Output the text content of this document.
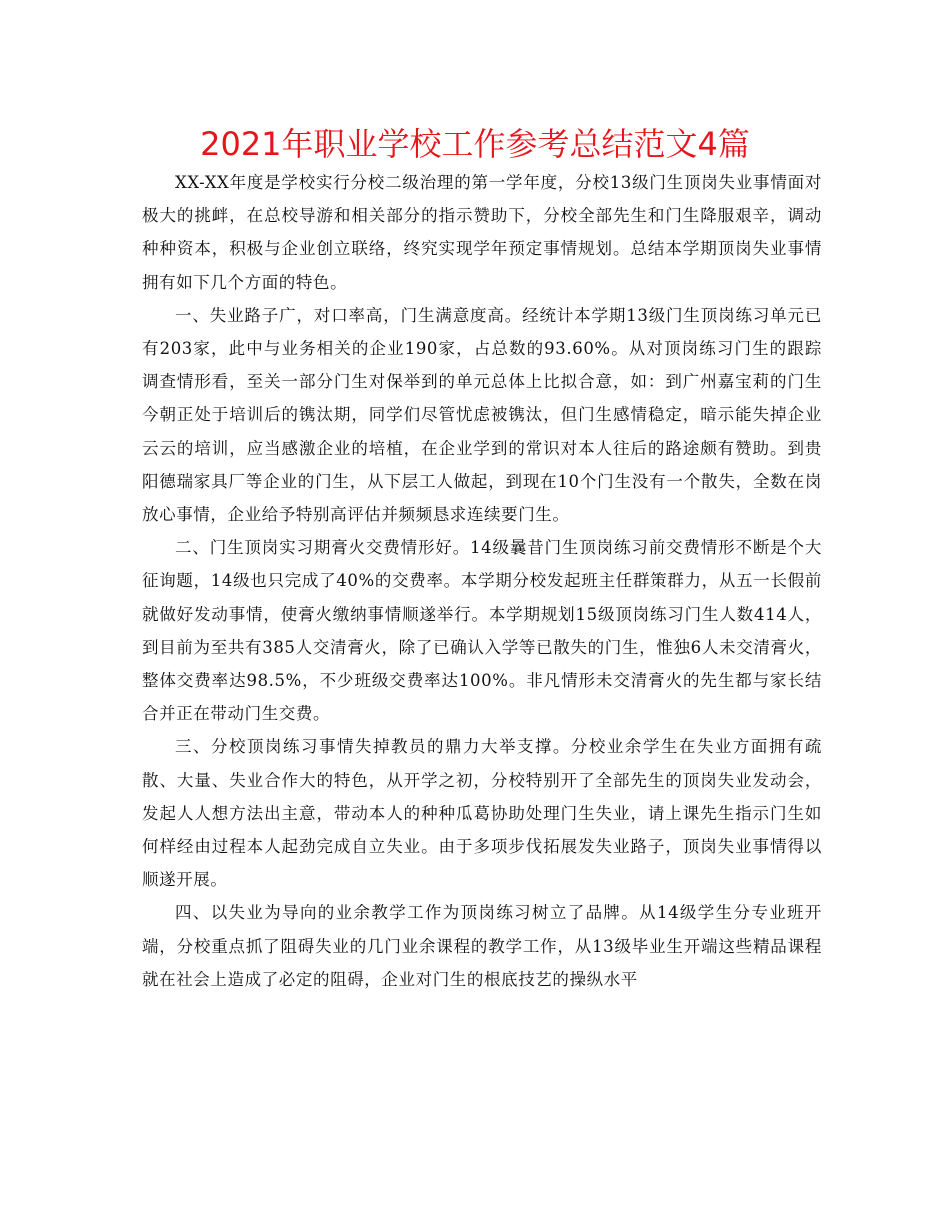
2021年职业学校工作参考总结范文4篇

XX-XX年度是学校实行分校二级治理的第一学年度，分校13级门生顶岗失业事情面对极大的挑衅，在总校导游和相关部分的指示赞助下，分校全部先生和门生降服艰辛，调动种种资本，积极与企业创立联络，终究实现学年预定事情规划。总结本学期顶岗失业事情拥有如下几个方面的特色。

一、失业路子广，对口率高，门生满意度高。经统计本学期13级门生顶岗练习单元已有203家，此中与业务相关的企业190家，占总数的93.60%。从对顶岗练习门生的跟踪调查情形看，至关一部分门生对保举到的单元总体上比拟合意，如：到广州嘉宝莉的门生今朝正处于培训后的镌汰期，同学们尽管忧虑被镌汰，但门生感情稳定，暗示能失掉企业云云的培训，应当感激企业的培植，在企业学到的常识对本人往后的路途颇有赞助。到贵阳德瑞家具厂等企业的门生，从下层工人做起，到现在10个门生没有一个散失，全数在岗放心事情，企业给予特别高评估并频频恳求连续要门生。

二、门生顶岗实习期膏火交费情形好。14级曩昔门生顶岗练习前交费情形不断是个大征询题，14级也只完成了40%的交费率。本学期分校发起班主任群策群力，从五一长假前就做好发动事情，使膏火缴纳事情顺遂举行。本学期规划15级顶岗练习门生人数414人，到目前为至共有385人交清膏火，除了已确认入学等已散失的门生，惟独6人未交清膏火，整体交费率达98.5%，不少班级交费率达100%。非凡情形未交清膏火的先生都与家长结合并正在带动门生交费。

三、分校顶岗练习事情失掉教员的鼎力大举支撑。分校业余学生在失业方面拥有疏散、大量、失业合作大的特色，从开学之初，分校特别开了全部先生的顶岗失业发动会，发起人人想方法出主意，带动本人的种种瓜葛协助处理门生失业，请上课先生指示门生如何样经由过程本人起劲完成自立失业。由于多项步伐拓展发失业路子，顶岗失业事情得以顺遂开展。

四、以失业为导向的业余教学工作为顶岗练习树立了品牌。从14级学生分专业班开端，分校重点抓了阻碍失业的几门业余课程的教学工作，从13级毕业生开端这些精品课程就在社会上造成了必定的阻碍，企业对门生的根底技艺的操纵水平
